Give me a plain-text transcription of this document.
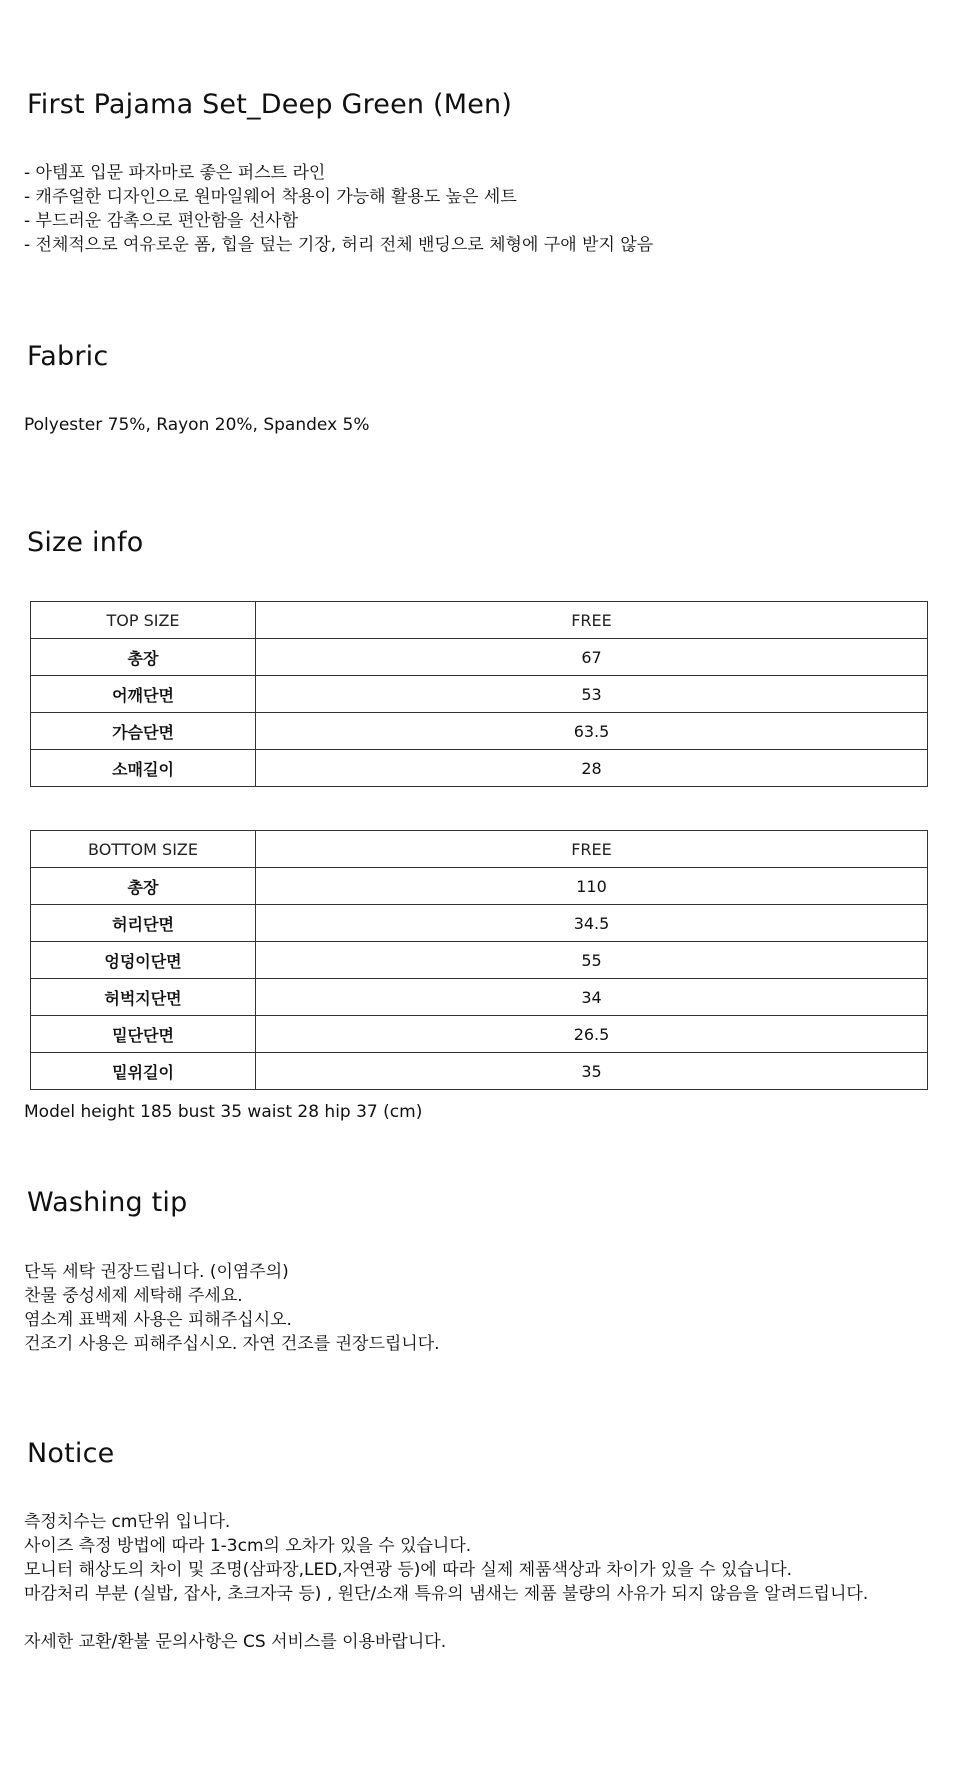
First Pajama Set_Deep Green (Men)
- 아템포 입문 파자마로 좋은 퍼스트 라인
- 캐주얼한 디자인으로 원마일웨어 착용이 가능해 활용도 높은 세트
- 부드러운 감촉으로 편안함을 선사함
- 전체적으로 여유로운 폼, 힙을 덮는 기장, 허리 전체 밴딩으로 체형에 구애 받지 않음
Fabric
Polyester 75%, Rayon 20%, Spandex 5%
Size info
TOP SIZE	FREE
총장	67
어깨단면	53
가슴단면	63.5
소매길이	28
BOTTOM SIZE	FREE
총장	110
허리단면	34.5
엉덩이단면	55
허벅지단면	34
밑단단면	26.5
밑위길이	35
Model height 185 bust 35 waist 28 hip 37 (cm)
Washing tip
단독 세탁 권장드립니다. (이염주의)
찬물 중성세제 세탁해 주세요.
염소계 표백제 사용은 피해주십시오.
건조기 사용은 피해주십시오. 자연 건조를 권장드립니다.
Notice
측정치수는 cm단위 입니다.
사이즈 측정 방법에 따라 1-3cm의 오차가 있을 수 있습니다.
모니터 해상도의 차이 및 조명(삼파장,LED,자연광 등)에 따라 실제 제품색상과 차이가 있을 수 있습니다.
마감처리 부분 (실밥, 잡사, 초크자국 등) , 원단/소재 특유의 냄새는 제품 불량의 사유가 되지 않음을 알려드립니다.
자세한 교환/환불 문의사항은 CS 서비스를 이용바랍니다.
